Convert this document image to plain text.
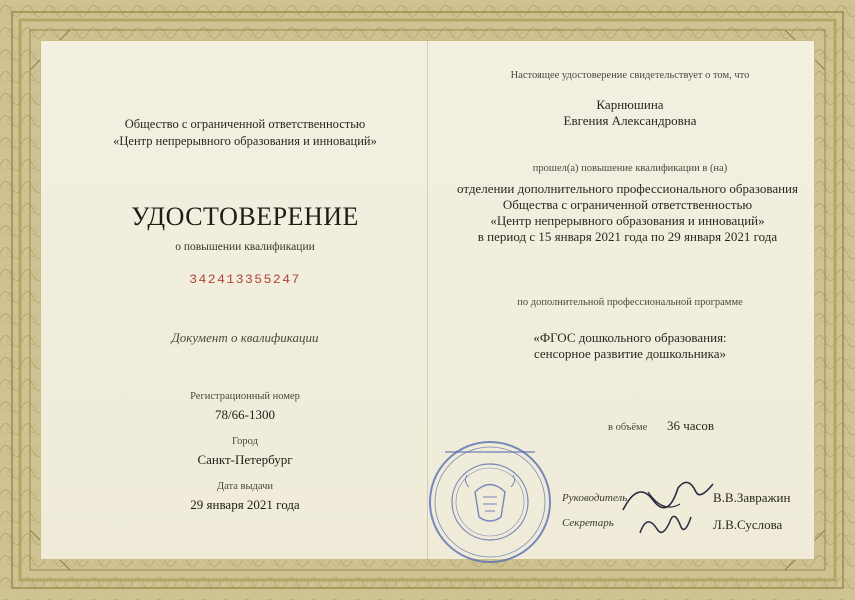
Общество с ограниченной ответственностью
«Центр непрерывного образования и инноваций»
УДОСТОВЕРЕНИЕ
о повышении квалификации
342413355247
Документ о квалификации
Регистрационный номер
78/66-1300
Город
Санкт-Петербург
Дата выдачи
29 января 2021 года
Настоящее удостоверение свидетельствует о том, что
Карнюшина
Евгения Александровна
прошел(а) повышение квалификации в (на)
отделении дополнительного профессионального образования
Общества с ограниченной ответственностью
«Центр непрерывного образования и инноваций»
в период с 15 января 2021 года по 29 января 2021 года
по дополнительной профессиональной программе
«ФГОС дошкольного образования:
сенсорное развитие дошкольника»
в объёме 36 часов
Руководитель	В.В.Завражин
Секретарь	Л.В.Суслова
